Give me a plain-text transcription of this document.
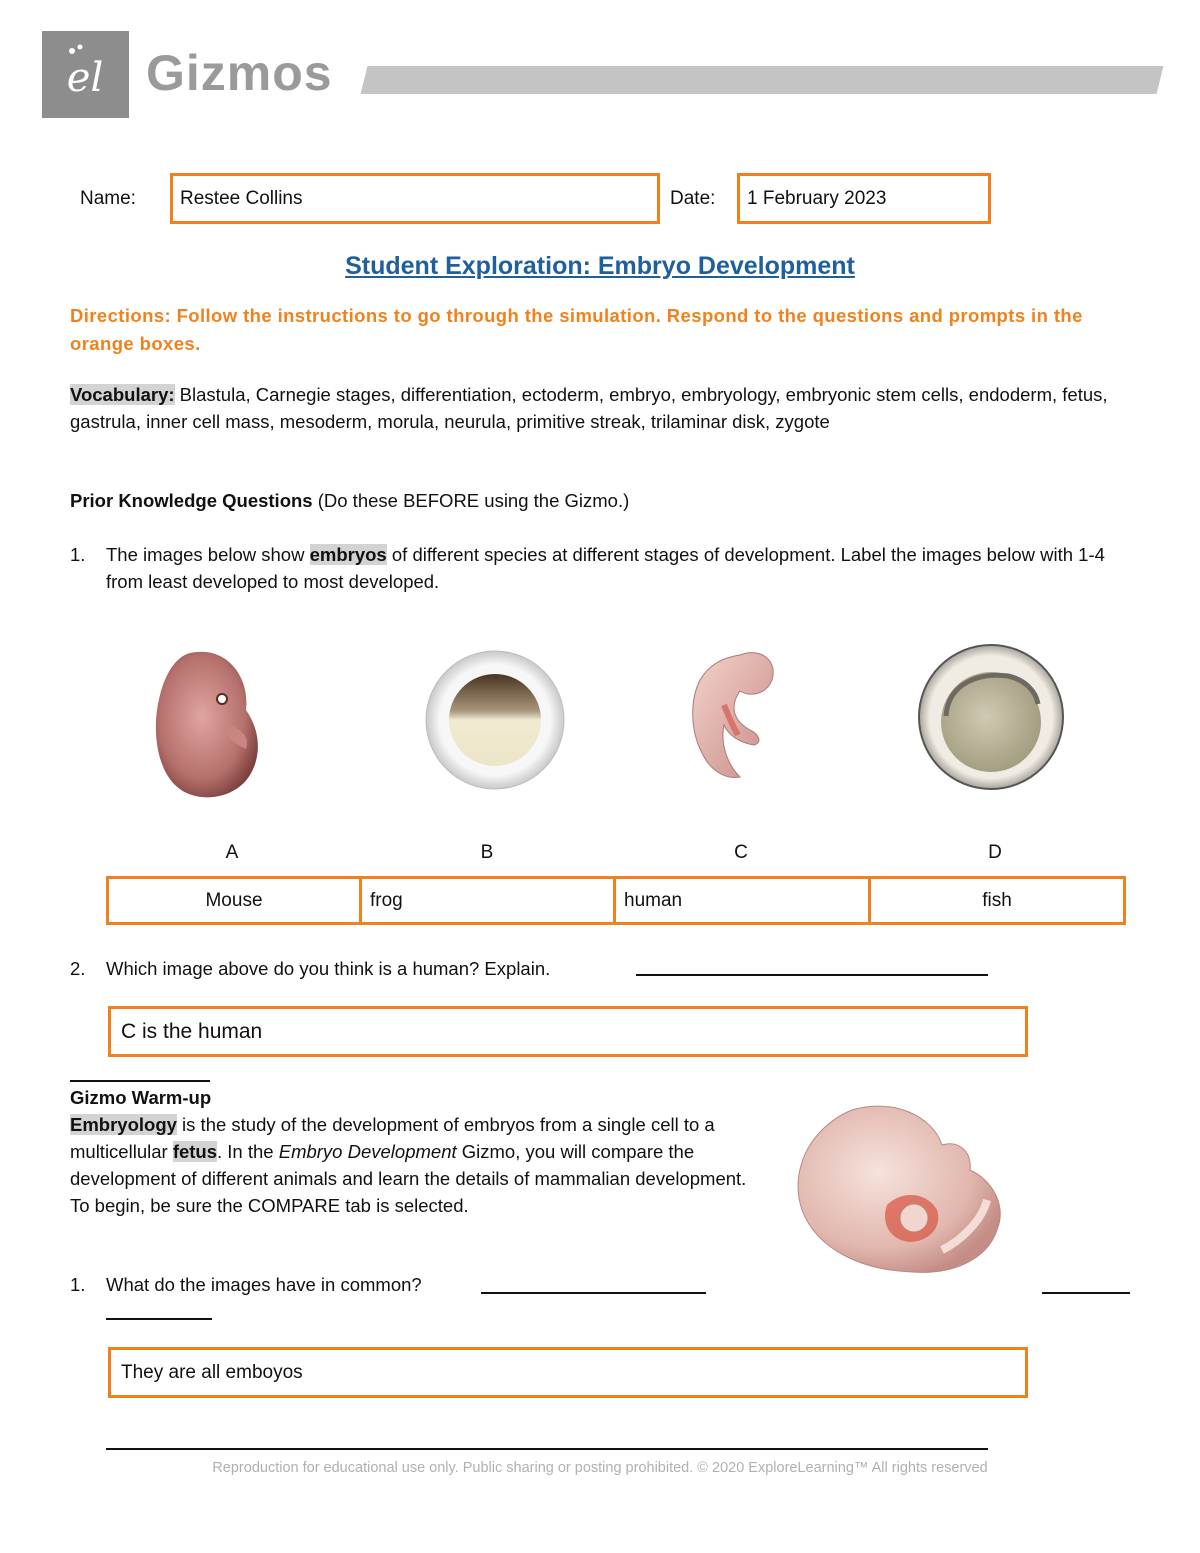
el Gizmos
Name: Restee Collins	Date: 1 February 2023
Student Exploration: Embryo Development
Directions: Follow the instructions to go through the simulation. Respond to the questions and prompts in the orange boxes.
Vocabulary: Blastula, Carnegie stages, differentiation, ectoderm, embryo, embryology, embryonic stem cells, endoderm, fetus, gastrula, inner cell mass, mesoderm, morula, neurula, primitive streak, trilaminar disk, zygote
Prior Knowledge Questions (Do these BEFORE using the Gizmo.)
1. The images below show embryos of different species at different stages of development. Label the images below with 1-4 from least developed to most developed.
A	B	C	D
Mouse	frog	human	fish
2. Which image above do you think is a human? Explain.
C is the human
Gizmo Warm-up
Embryology is the study of the development of embryos from a single cell to a multicellular fetus. In the Embryo Development Gizmo, you will compare the development of different animals and learn the details of mammalian development. To begin, be sure the COMPARE tab is selected.
1. What do the images have in common?
They are all emboyos
Reproduction for educational use only. Public sharing or posting prohibited. © 2020 ExploreLearning™ All rights reserved
